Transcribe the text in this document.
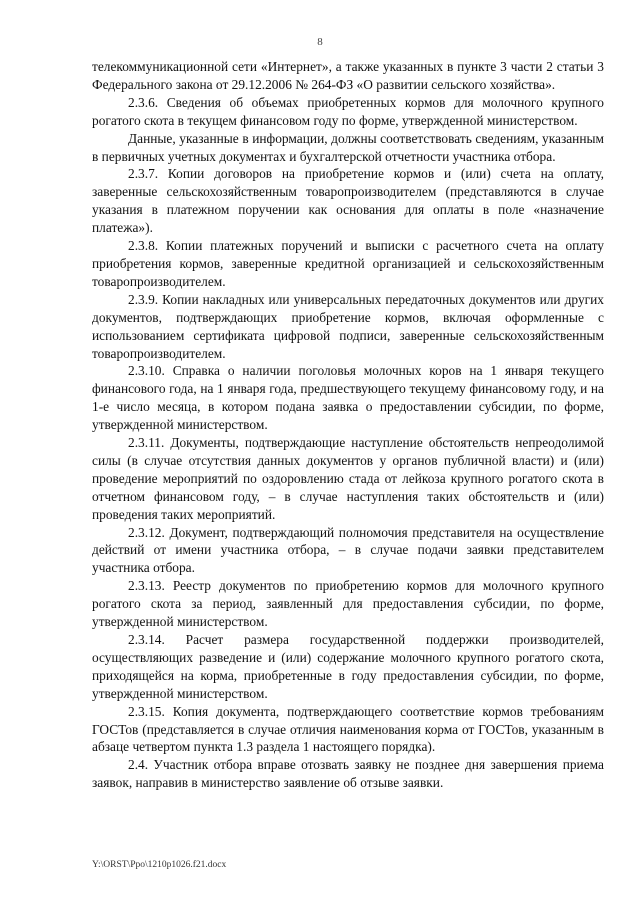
8

телекоммуникационной сети «Интернет», а также указанных в пункте 3 части 2 статьи 3 Федерального закона от 29.12.2006 № 264-ФЗ «О развитии сельского хозяйства».

2.3.6. Сведения об объемах приобретенных кормов для молочного крупного рогатого скота в текущем финансовом году по форме, утвержденной министерством.

Данные, указанные в информации, должны соответствовать сведениям, указанным в первичных учетных документах и бухгалтерской отчетности участника отбора.

2.3.7. Копии договоров на приобретение кормов и (или) счета на оплату, заверенные сельскохозяйственным товаропроизводителем (представляются в случае указания в платежном поручении как основания для оплаты в поле «назначение платежа»).

2.3.8. Копии платежных поручений и выписки с расчетного счета на оплату приобретения кормов, заверенные кредитной организацией и сельскохозяйственным товаропроизводителем.

2.3.9. Копии накладных или универсальных передаточных документов или других документов, подтверждающих приобретение кормов, включая оформленные с использованием сертификата цифровой подписи, заверенные сельскохозяйственным товаропроизводителем.

2.3.10. Справка о наличии поголовья молочных коров на 1 января текущего финансового года, на 1 января года, предшествующего текущему финансовому году, и на 1-е число месяца, в котором подана заявка о предоставлении субсидии, по форме, утвержденной министерством.

2.3.11. Документы, подтверждающие наступление обстоятельств непреодолимой силы (в случае отсутствия данных документов у органов публичной власти) и (или) проведение мероприятий по оздоровлению стада от лейкоза крупного рогатого скота в отчетном финансовом году, – в случае наступления таких обстоятельств и (или) проведения таких мероприятий.

2.3.12. Документ, подтверждающий полномочия представителя на осуществление действий от имени участника отбора, – в случае подачи заявки представителем участника отбора.

2.3.13. Реестр документов по приобретению кормов для молочного крупного рогатого скота за период, заявленный для предоставления субсидии, по форме, утвержденной министерством.

2.3.14. Расчет размера государственной поддержки производителей, осуществляющих разведение и (или) содержание молочного крупного рогатого скота, приходящейся на корма, приобретенные в году предоставления субсидии, по форме, утвержденной министерством.

2.3.15. Копия документа, подтверждающего соответствие кормов требованиям ГОСТов (представляется в случае отличия наименования корма от ГОСТов, указанным в абзаце четвертом пункта 1.3 раздела 1 настоящего порядка).

2.4. Участник отбора вправе отозвать заявку не позднее дня завершения приема заявок, направив в министерство заявление об отзыве заявки.

Y:\ORST\Ppo\1210p1026.f21.docx
